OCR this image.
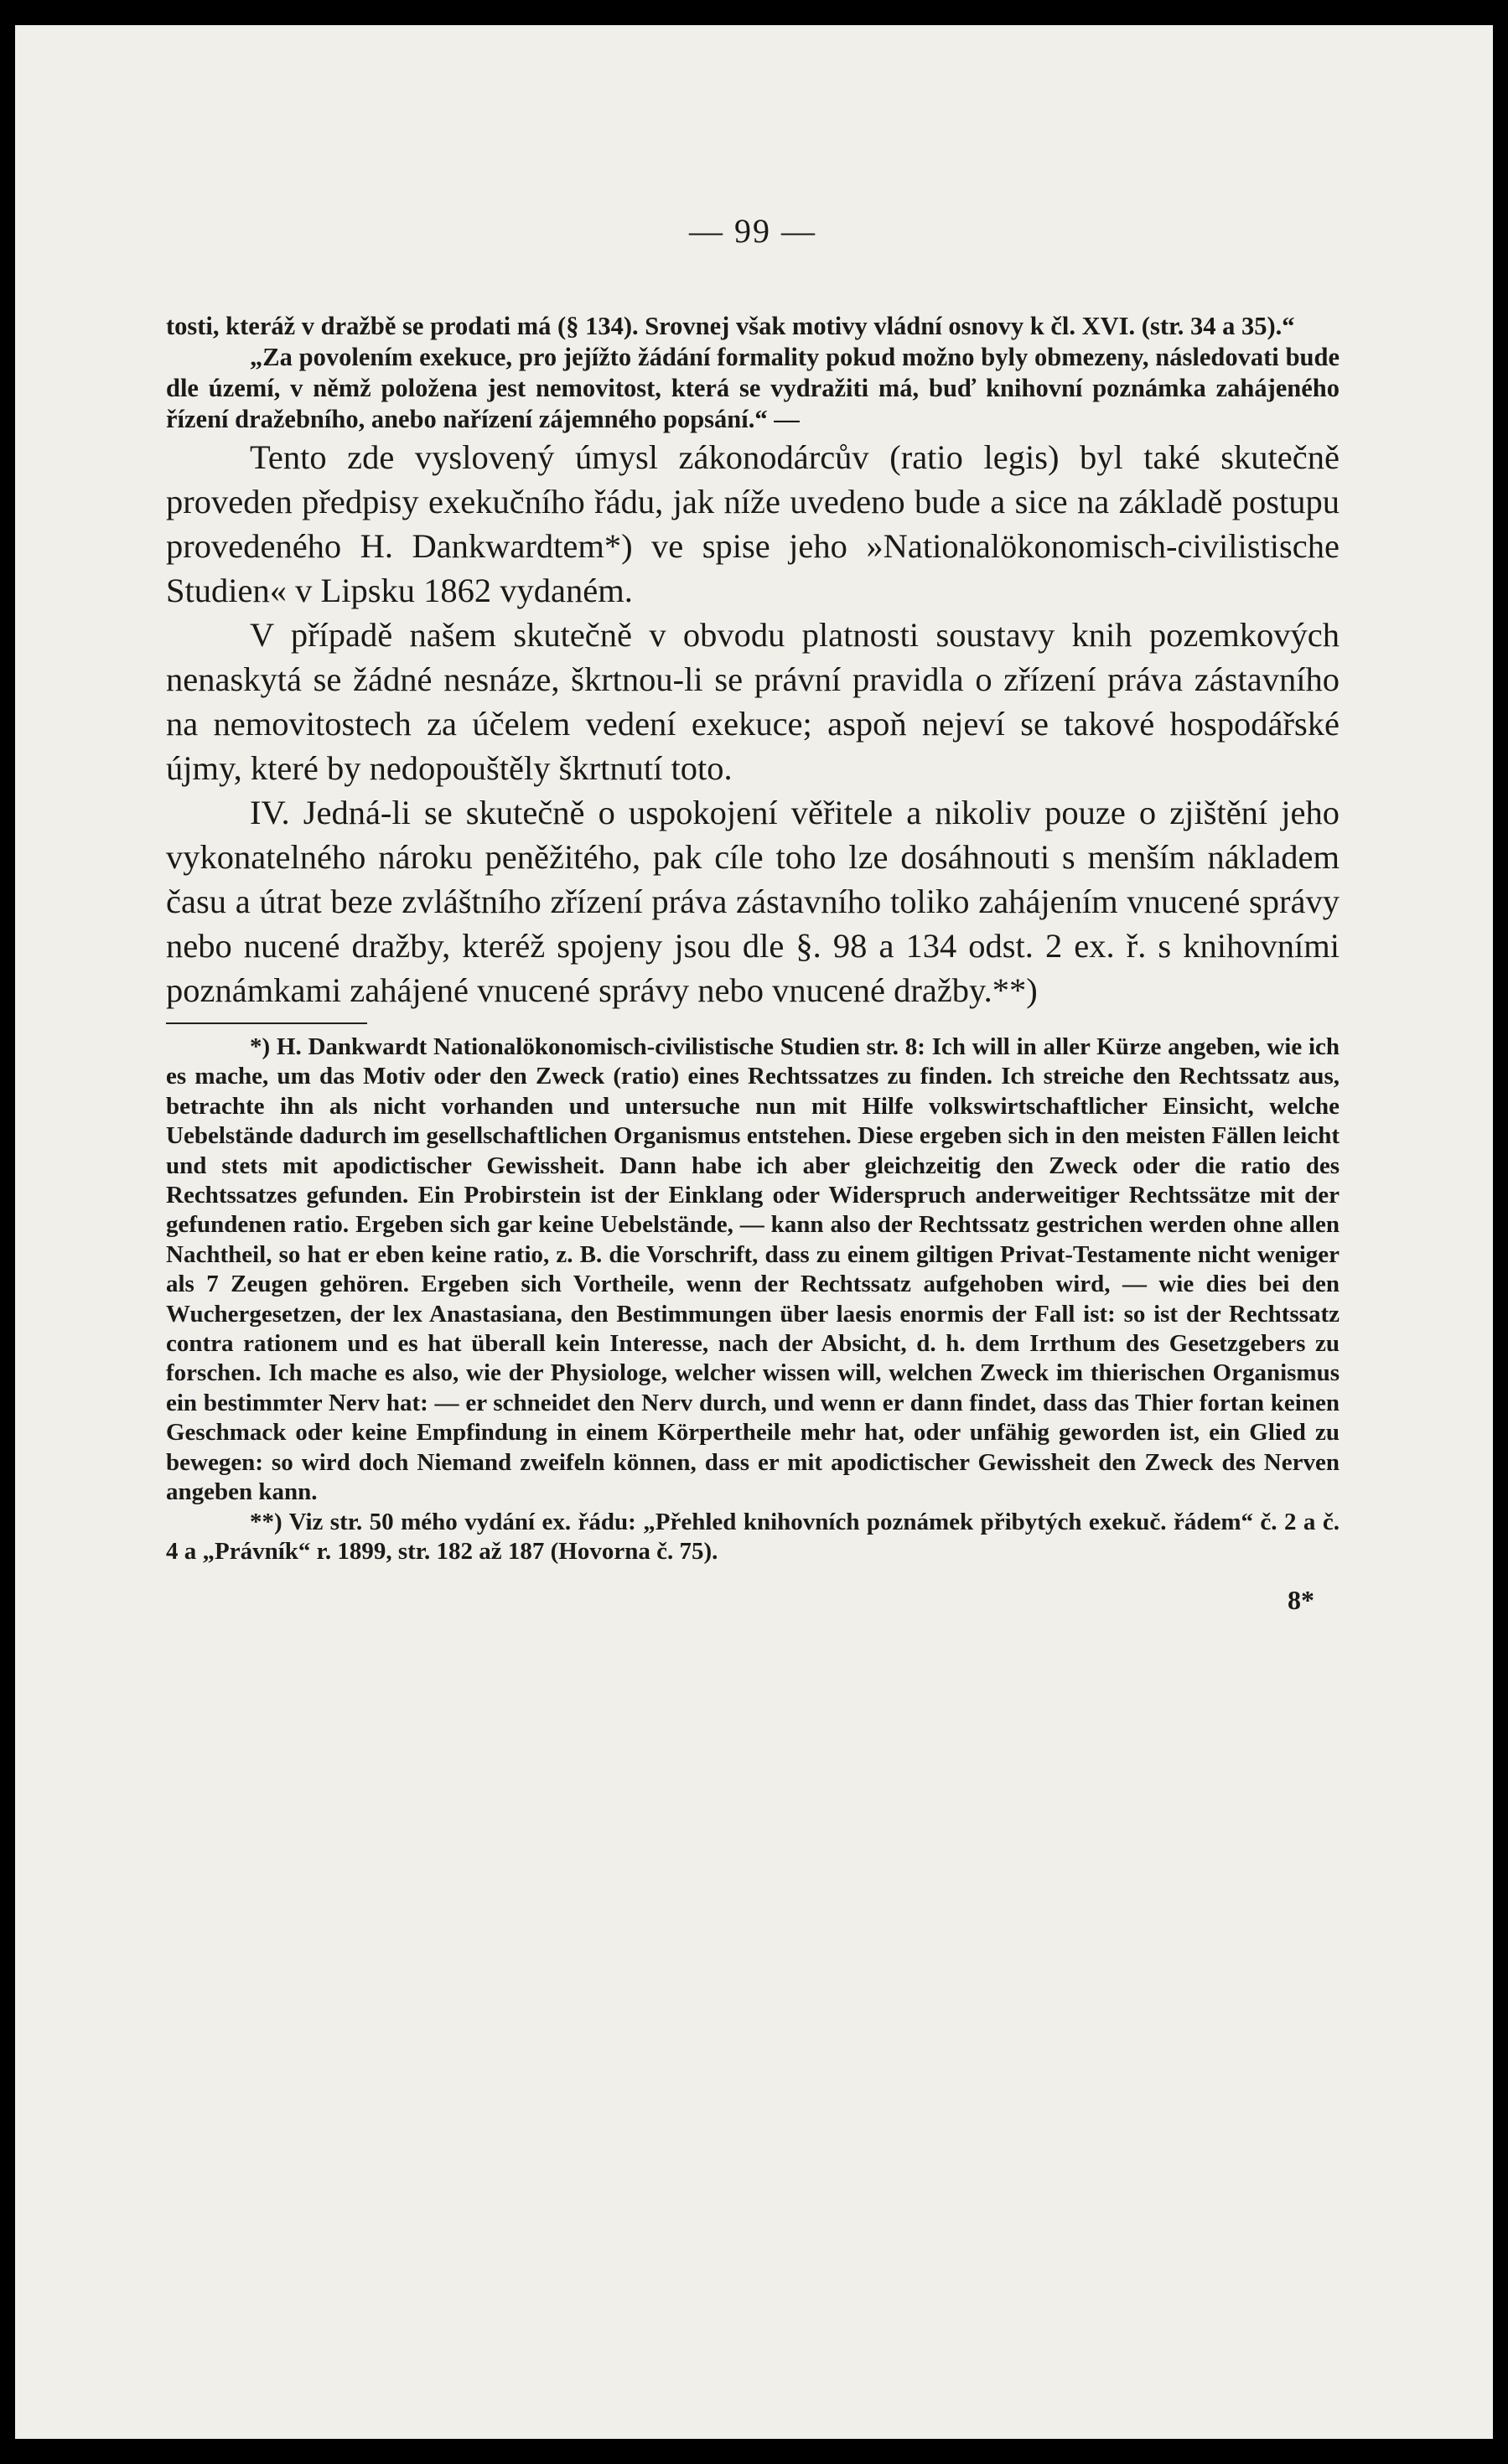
— 99 —

tosti, kteráž v dražbě se prodati má (§ 134). Srovnej však motivy vládní osnovy k čl. XVI. (str. 34 a 35).“

„Za povolením exekuce, pro jejížto žádání formality pokud možno byly obmezeny, následovati bude dle území, v němž položena jest nemovitost, která se vydražiti má, buď knihovní poznámka zahájeného řízení dražebního, anebo nařízení zájemného popsání.“ —

Tento zde vyslovený úmysl zákonodárcův (ratio legis) byl také skutečně proveden předpisy exekučního řádu, jak níže uvedeno bude a sice na základě postupu provedeného H. Dankwardtem*) ve spise jeho »Nationalökonomisch-civilistische Studien« v Lipsku 1862 vydaném.

V případě našem skutečně v obvodu platnosti soustavy knih pozemkových nenaskytá se žádné nesnáze, škrtnou-li se právní pravidla o zřízení práva zástavního na nemovitostech za účelem vedení exekuce; aspoň nejeví se takové hospodářské újmy, které by nedopouštěly škrtnutí toto.

IV. Jedná-li se skutečně o uspokojení věřitele a nikoliv pouze o zjištění jeho vykonatelného nároku peněžitého, pak cíle toho lze dosáhnouti s menším nákladem času a útrat beze zvláštního zřízení práva zástavního toliko zahájením vnucené správy nebo nucené dražby, kteréž spojeny jsou dle §. 98 a 134 odst. 2 ex. ř. s knihovními poznámkami zahájené vnucené správy nebo vnucené dražby.**)

*) H. Dankwardt Nationalökonomisch-civilistische Studien str. 8: Ich will in aller Kürze angeben, wie ich es mache, um das Motiv oder den Zweck (ratio) eines Rechtssatzes zu finden. Ich streiche den Rechtssatz aus, betrachte ihn als nicht vorhanden und untersuche nun mit Hilfe volkswirtschaftlicher Einsicht, welche Uebelstände dadurch im gesellschaftlichen Organismus entstehen. Diese ergeben sich in den meisten Fällen leicht und stets mit apodictischer Gewissheit. Dann habe ich aber gleichzeitig den Zweck oder die ratio des Rechtssatzes gefunden. Ein Probirstein ist der Einklang oder Widerspruch anderweitiger Rechtssätze mit der gefundenen ratio. Ergeben sich gar keine Uebelstände, — kann also der Rechtssatz gestrichen werden ohne allen Nachtheil, so hat er eben keine ratio, z. B. die Vorschrift, dass zu einem giltigen Privat-Testamente nicht weniger als 7 Zeugen gehören. Ergeben sich Vortheile, wenn der Rechtssatz aufgehoben wird, — wie dies bei den Wuchergesetzen, der lex Anastasiana, den Bestimmungen über laesis enormis der Fall ist: so ist der Rechtssatz contra rationem und es hat überall kein Interesse, nach der Absicht, d. h. dem Irrthum des Gesetzgebers zu forschen. Ich mache es also, wie der Physiologe, welcher wissen will, welchen Zweck im thierischen Organismus ein bestimmter Nerv hat: — er schneidet den Nerv durch, und wenn er dann findet, dass das Thier fortan keinen Geschmack oder keine Empfindung in einem Körpertheile mehr hat, oder unfähig geworden ist, ein Glied zu bewegen: so wird doch Niemand zweifeln können, dass er mit apodictischer Gewissheit den Zweck des Nerven angeben kann.

**) Viz str. 50 mého vydání ex. řádu: „Přehled knihovních poznámek přibytých exekuč. řádem“ č. 2 a č. 4 a „Právník“ r. 1899, str. 182 až 187 (Hovorna č. 75).

8*
